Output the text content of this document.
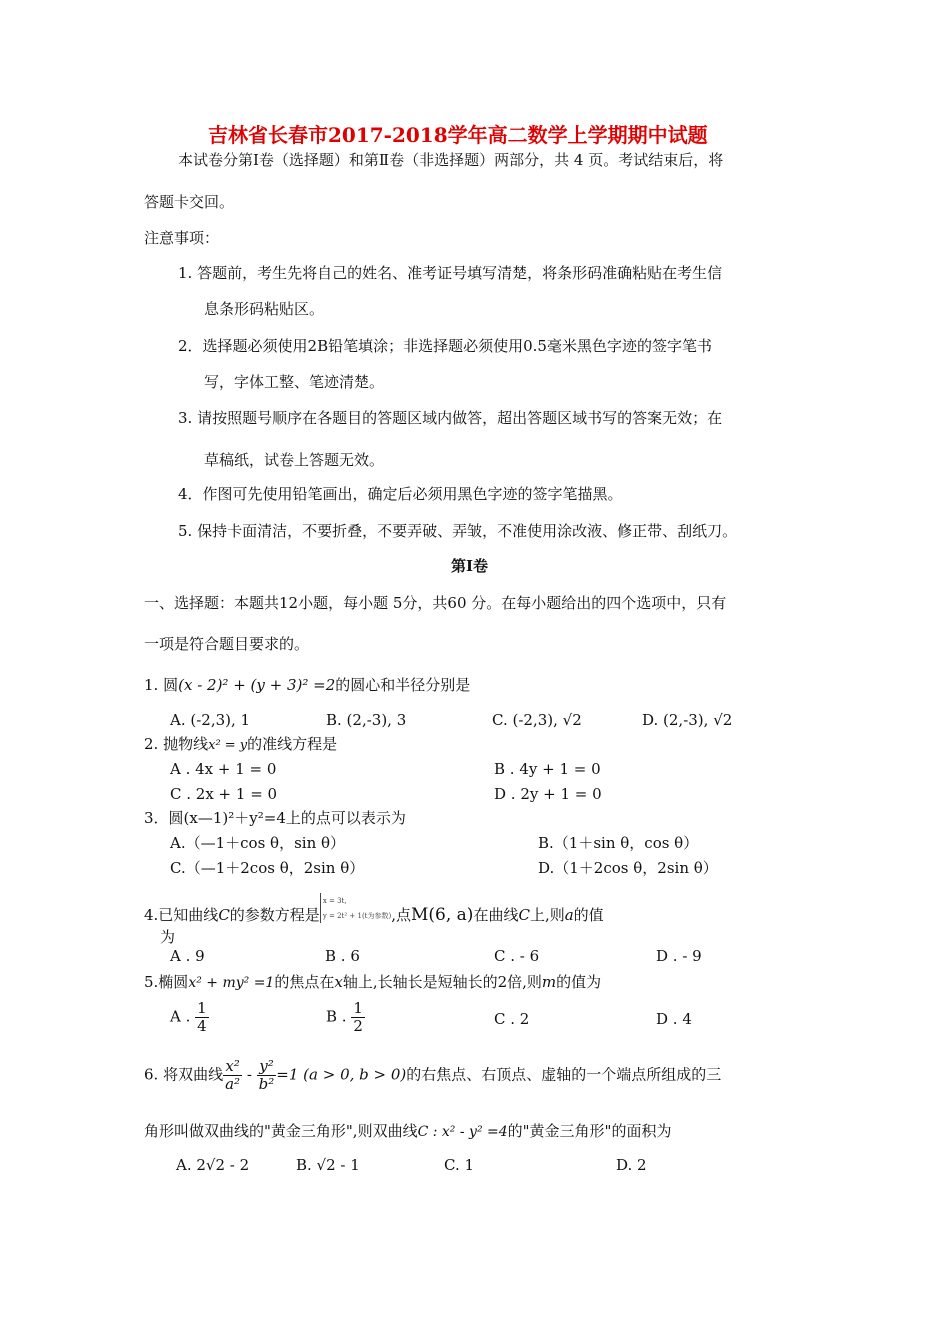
吉林省长春市2017-2018学年高二数学上学期期中试题
本试卷分第Ⅰ卷（选择题）和第Ⅱ卷（非选择题）两部分，共 4 页。考试结束后，将
答题卡交回。
注意事项：
1. 答题前，考生先将自己的姓名、准考证号填写清楚，将条形码准确粘贴在考生信
息条形码粘贴区。
2．选择题必须使用2B铅笔填涂；非选择题必须使用0.5毫米黑色字迹的签字笔书
写，字体工整、笔迹清楚。
3. 请按照题号顺序在各题目的答题区域内做答，超出答题区域书写的答案无效；在
草稿纸，试卷上答题无效。
4．作图可先使用铅笔画出，确定后必须用黑色字迹的签字笔描黑。
5. 保持卡面清洁，不要折叠，不要弄破、弄皱，不准使用涂改液、修正带、刮纸刀。
第Ⅰ卷
一、选择题：本题共12小题，每小题 5分，共60 分。在每小题给出的四个选项中，只有
一项是符合题目要求的。
1. 圆(x - 2)² + (y + 3)² =2的圆心和半径分别是
A. (-2,3), 1	B. (2,-3), 3	C. (-2,3), √2	D. (2,-3), √2
2. 抛物线x² = y的准线方程是
A . 4x + 1 = 0	B . 4y + 1 = 0
C . 2x + 1 = 0	D . 2y + 1 = 0
3．圆(x—1)²＋y²=4上的点可以表示为
A.（—1＋cos θ，sin θ）	B.（1＋sin θ，cos θ）
C.（—1＋2cos θ，2sin θ）	D.（1＋2cos θ，2sin θ）
4.已知曲线C的参数方程是x = 3t,
y = 2t² + 1(t为参数),点M(6, a)在曲线C上,则a的值
为
A . 9	B . 6	C . - 6	D . - 9
5.椭圆x² + my² =1的焦点在x轴上,长轴长是短轴长的2倍,则m的值为
A . $\frac{1}{4}$	B . $\frac{1}{2}$	C . 2	D . 4
6. 将双曲线 $\frac{\text{x²}}{\text{a²}} - \frac{\text{y²}}{\text{b²}} =1$ (a > 0, b > 0)的右焦点、右顶点、虚轴的一个端点所组成的三
角形叫做双曲线的"黄金三角形",则双曲线C : x² - y² =4的"黄金三角形"的面积为
A. 2√2 - 2	B. √2 - 1	C. 1	D. 2
